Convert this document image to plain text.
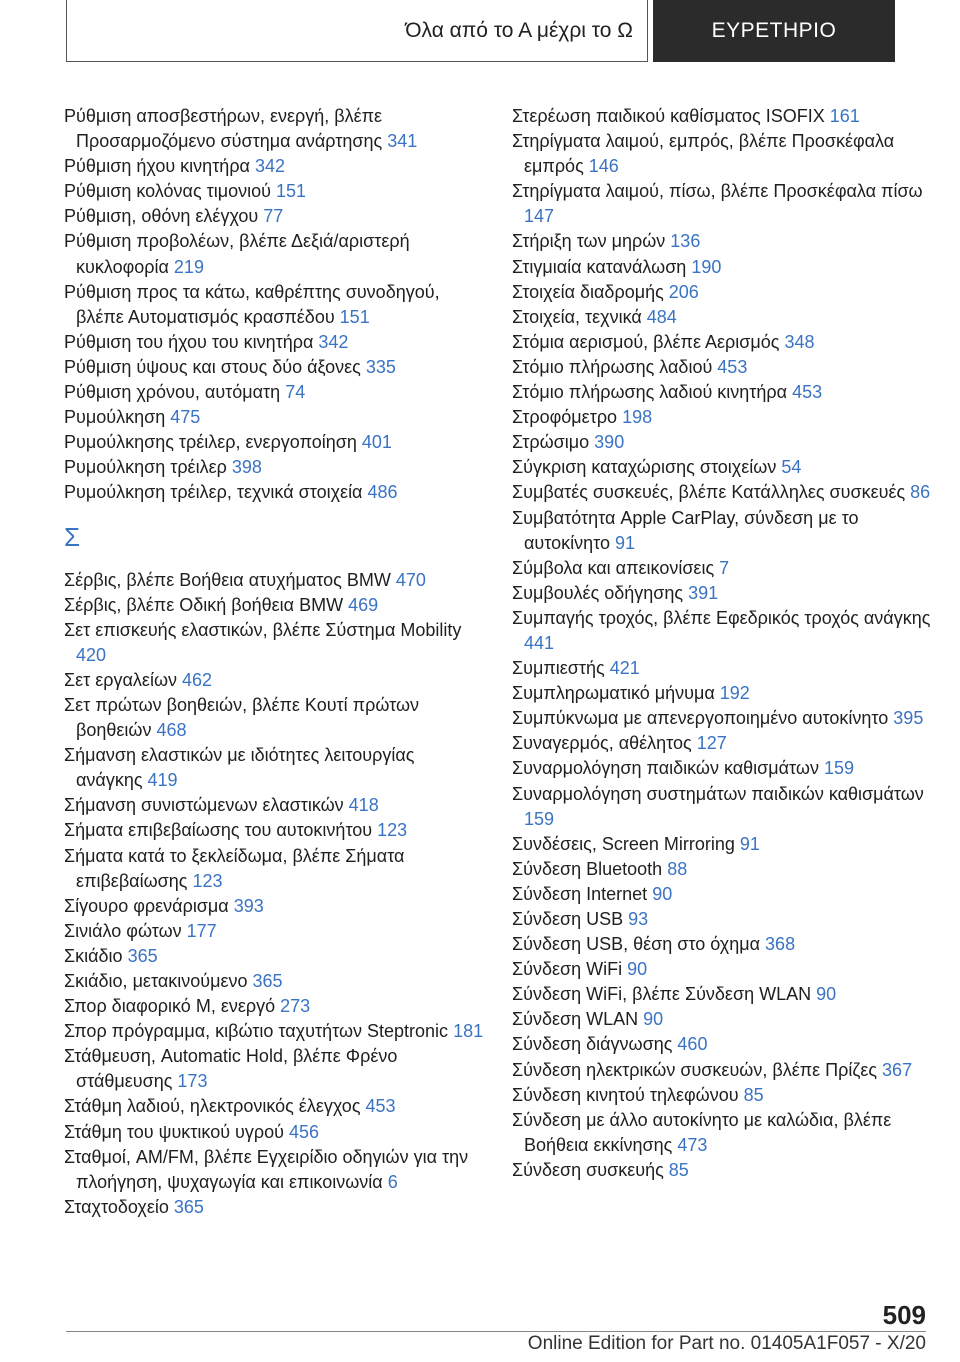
Όλα από το Α μέχρι το Ω	ΕΥΡΕΤΗΡΙΟ
Ρύθμιση αποσβεστήρων, ενεργή, βλέπε Προσαρμοζόμενο σύστημα ανάρτησης 341
Ρύθμιση ήχου κινητήρα 342
Ρύθμιση κολόνας τιμονιού 151
Ρύθμιση, οθόνη ελέγχου 77
Ρύθμιση προβολέων, βλέπε Δεξιά/αριστερή κυκλοφορία 219
Ρύθμιση προς τα κάτω, καθρέπτης συνοδηγού, βλέπε Αυτοματισμός κρασπέδου 151
Ρύθμιση του ήχου του κινητήρα 342
Ρύθμιση ύψους και στους δύο άξονες 335
Ρύθμιση χρόνου, αυτόματη 74
Ρυμούλκηση 475
Ρυμούλκησης τρέιλερ, ενεργοποίηση 401
Ρυμούλκηση τρέιλερ 398
Ρυμούλκηση τρέιλερ, τεχνικά στοιχεία 486
Σ
Σέρβις, βλέπε Βοήθεια ατυχήματος BMW 470
Σέρβις, βλέπε Οδική βοήθεια BMW 469
Σετ επισκευής ελαστικών, βλέπε Σύστημα Mobility 420
Σετ εργαλείων 462
Σετ πρώτων βοηθειών, βλέπε Κουτί πρώτων βοηθειών 468
Σήμανση ελαστικών με ιδιότητες λειτουργίας ανάγκης 419
Σήμανση συνιστώμενων ελαστικών 418
Σήματα επιβεβαίωσης του αυτοκινήτου 123
Σήματα κατά το ξεκλείδωμα, βλέπε Σήματα επιβεβαίωσης 123
Σίγουρο φρενάρισμα 393
Σινιάλο φώτων 177
Σκιάδιο 365
Σκιάδιο, μετακινούμενο 365
Σπορ διαφορικό M, ενεργό 273
Σπορ πρόγραμμα, κιβώτιο ταχυτήτων Steptronic 181
Στάθμευση, Automatic Hold, βλέπε Φρένο στάθμευσης 173
Στάθμη λαδιού, ηλεκτρονικός έλεγχος 453
Στάθμη του ψυκτικού υγρού 456
Σταθμοί, AM/FM, βλέπε Εγχειρίδιο οδηγιών για την πλοήγηση, ψυχαγωγία και επικοινωνία 6
Σταχτοδοχείο 365
Στερέωση παιδικού καθίσματος ISOFIX 161
Στηρίγματα λαιμού, εμπρός, βλέπε Προσκέφαλα εμπρός 146
Στηρίγματα λαιμού, πίσω, βλέπε Προσκέφαλα πίσω 147
Στήριξη των μηρών 136
Στιγμιαία κατανάλωση 190
Στοιχεία διαδρομής 206
Στοιχεία, τεχνικά 484
Στόμια αερισμού, βλέπε Αερισμός 348
Στόμιο πλήρωσης λαδιού 453
Στόμιο πλήρωσης λαδιού κινητήρα 453
Στροφόμετρο 198
Στρώσιμο 390
Σύγκριση καταχώρισης στοιχείων 54
Συμβατές συσκευές, βλέπε Κατάλληλες συσκευές 86
Συμβατότητα Apple CarPlay, σύνδεση με το αυτοκίνητο 91
Σύμβολα και απεικονίσεις 7
Συμβουλές οδήγησης 391
Συμπαγής τροχός, βλέπε Εφεδρικός τροχός ανάγκης 441
Συμπιεστής 421
Συμπληρωματικό μήνυμα 192
Συμπύκνωμα με απενεργοποιημένο αυτοκίνητο 395
Συναγερμός, αθέλητος 127
Συναρμολόγηση παιδικών καθισμάτων 159
Συναρμολόγηση συστημάτων παιδικών καθισμάτων 159
Συνδέσεις, Screen Mirroring 91
Σύνδεση Bluetooth 88
Σύνδεση Internet 90
Σύνδεση USB 93
Σύνδεση USB, θέση στο όχημα 368
Σύνδεση WiFi 90
Σύνδεση WiFi, βλέπε Σύνδεση WLAN 90
Σύνδεση WLAN 90
Σύνδεση διάγνωσης 460
Σύνδεση ηλεκτρικών συσκευών, βλέπε Πρίζες 367
Σύνδεση κινητού τηλεφώνου 85
Σύνδεση με άλλο αυτοκίνητο με καλώδια, βλέπε Βοήθεια εκκίνησης 473
Σύνδεση συσκευής 85
509
Online Edition for Part no. 01405A1F057 - X/20
